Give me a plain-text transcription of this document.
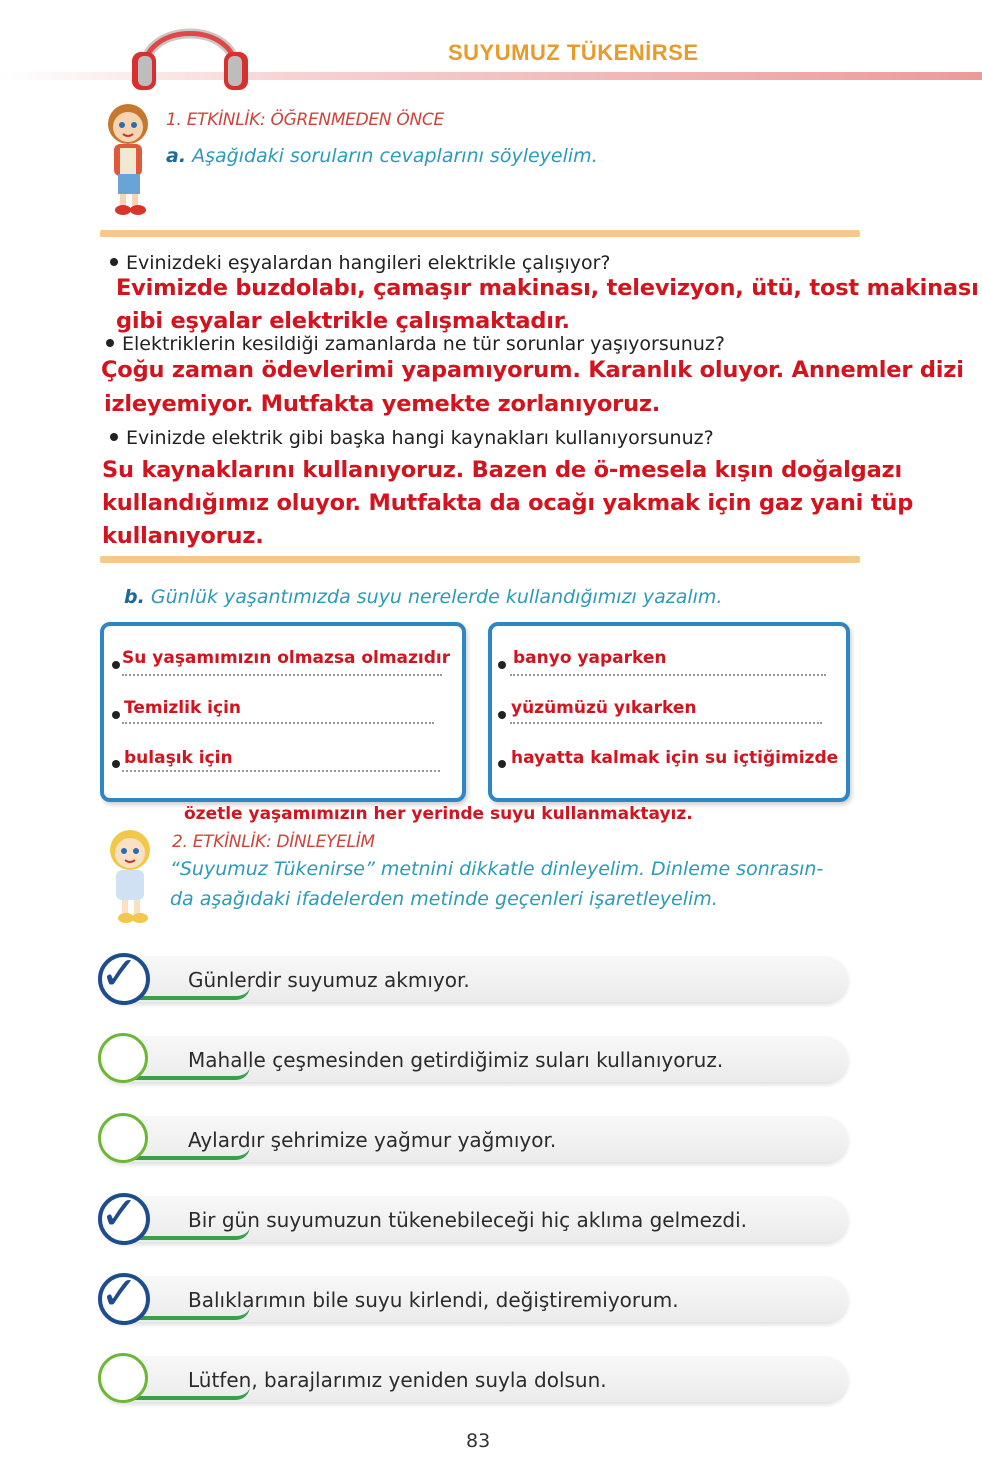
SUYUMUZ TÜKENİRSE
1. ETKİNLİK: ÖĞRENMEDEN ÖNCE
a. Aşağıdaki soruların cevaplarını söyleyelim.
Evinizdeki eşyalardan hangileri elektrikle çalışıyor?
Evimizde buzdolabı, çamaşır makinası, televizyon, ütü, tost makinası
gibi eşyalar elektrikle çalışmaktadır.
Elektriklerin kesildiği zamanlarda ne tür sorunlar yaşıyorsunuz?
Çoğu zaman ödevlerimi yapamıyorum. Karanlık oluyor. Annemler dizi
izleyemiyor. Mutfakta yemekte zorlanıyoruz.
Evinizde elektrik gibi başka hangi kaynakları kullanıyorsunuz?
Su kaynaklarını kullanıyoruz. Bazen de ö-mesela kışın doğalgazı
kullandığımız oluyor. Mutfakta da ocağı yakmak için gaz yani tüp
kullanıyoruz.
b. Günlük yaşantımızda suyu nerelerde kullandığımızı yazalım.
Su yaşamımızın olmazsa olmazıdır
Temizlik için
bulaşık için
banyo yaparken
yüzümüzü yıkarken
hayatta kalmak için su içtiğimizde
özetle yaşamımızın her yerinde suyu kullanmaktayız.
2. ETKİNLİK: DİNLEYELİM
“Suyumuz Tükenirse” metnini dikkatle dinleyelim. Dinleme sonrasın-
da aşağıdaki ifadelerden metinde geçenleri işaretleyelim.
✓ Günlerdir suyumuz akmıyor.
Mahalle çeşmesinden getirdiğimiz suları kullanıyoruz.
Aylardır şehrimize yağmur yağmıyor.
✓ Bir gün suyumuzun tükenebileceği hiç aklıma gelmezdi.
✓ Balıklarımın bile suyu kirlendi, değiştiremiyorum.
Lütfen, barajlarımız yeniden suyla dolsun.
83
